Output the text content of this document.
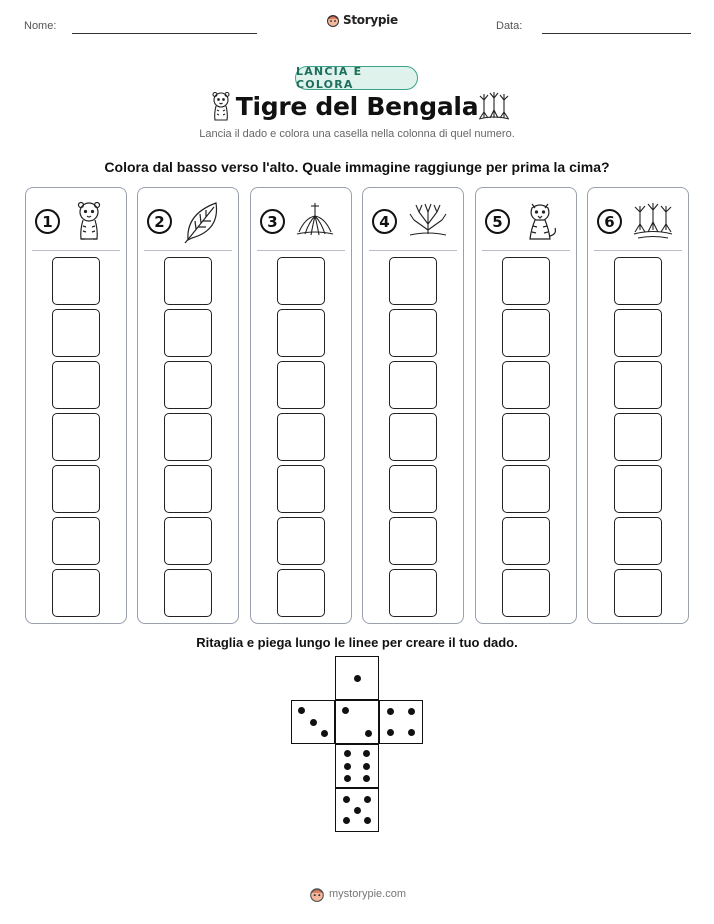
Nome:	Storypie	Data:
LANCIA E COLORA
Tigre del Bengala
Lancia il dado e colora una casella nella colonna di quel numero.
Colora dal basso verso l'alto. Quale immagine raggiunge per prima la cima?
1	2	3	4	5	6
Ritaglia e piega lungo le linee per creare il tuo dado.
mystorypie.com
